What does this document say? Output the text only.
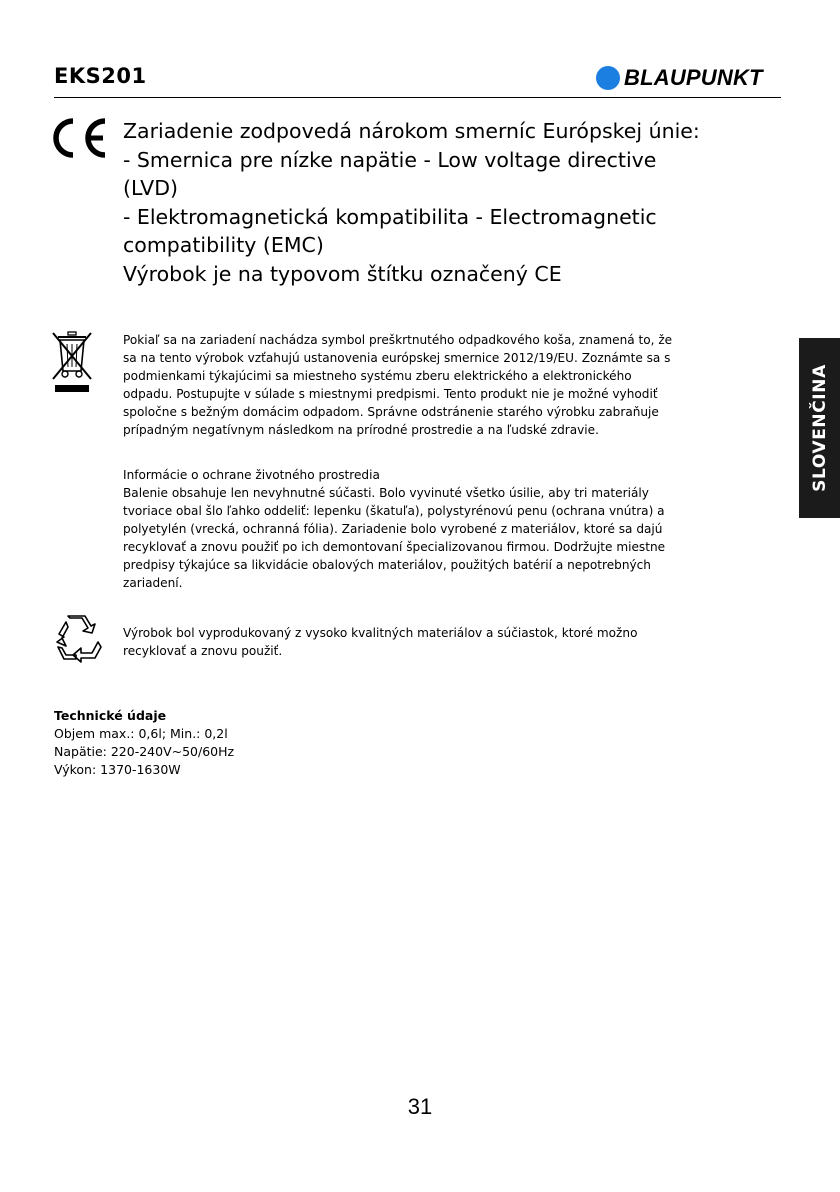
EKS201	BLAUPUNKT
Zariadenie zodpovedá nárokom smerníc Európskej únie:
- Smernica pre nízke napätie - Low voltage directive
(LVD)
- Elektromagnetická kompatibilita - Electromagnetic
compatibility (EMC)
Výrobok je na typovom štítku označený CE
Pokiaľ sa na zariadení nachádza symbol preškrtnutého odpadkového koša, znamená to, že
sa na tento výrobok vzťahujú ustanovenia európskej smernice 2012/19/EU. Zoznámte sa s
podmienkami týkajúcimi sa miestneho systému zberu elektrického a elektronického
odpadu. Postupujte v súlade s miestnymi predpismi. Tento produkt nie je možné vyhodiť
spoločne s bežným domácim odpadom. Správne odstránenie starého výrobku zabraňuje
prípadným negatívnym následkom na prírodné prostredie a na ľudské zdravie.
Informácie o ochrane životného prostredia
Balenie obsahuje len nevyhnutné súčasti. Bolo vyvinuté všetko úsilie, aby tri materiály
tvoriace obal šlo ľahko oddeliť: lepenku (škatuľa), polystyrénovú penu (ochrana vnútra) a
polyetylén (vrecká, ochranná fólia). Zariadenie bolo vyrobené z materiálov, ktoré sa dajú
recyklovať a znovu použiť po ich demontovaní špecializovanou firmou. Dodržujte miestne
predpisy týkajúce sa likvidácie obalových materiálov, použitých batérií a nepotrebných
zariadení.
Výrobok bol vyprodukovaný z vysoko kvalitných materiálov a súčiastok, ktoré možno
recyklovať a znovu použiť.
Technické údaje
Objem max.: 0,6l; Min.: 0,2l
Napätie: 220-240V~50/60Hz
Výkon: 1370-1630W
SLOVENČINA
31
